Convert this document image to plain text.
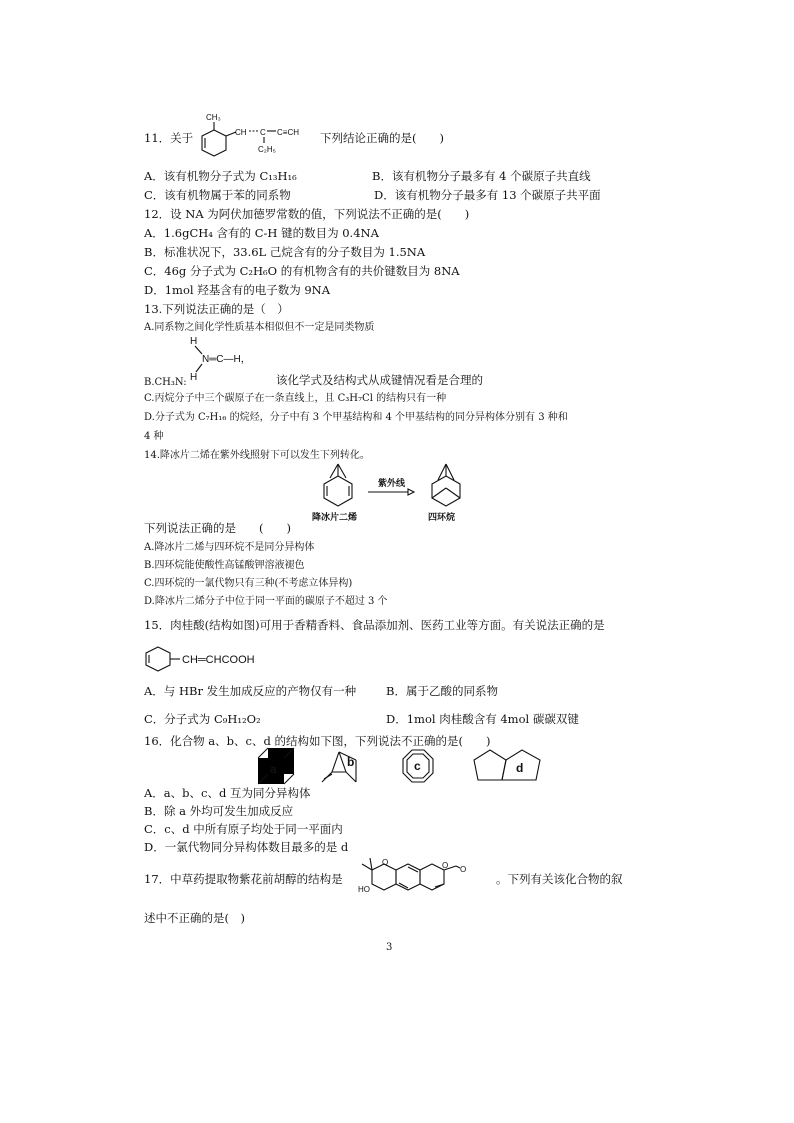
11．关于
CH₃
CH C C≡CH
C₂H₅
下列结论正确的是(　　)
A．该有机物分子式为 C₁₃H₁₆	B．该有机物分子最多有 4 个碳原子共直线
C．该有机物属于苯的同系物	D．该有机物分子最多有 13 个碳原子共平面
12．设 NA 为阿伏加德罗常数的值，下列说法不正确的是(　　)
A．1.6gCH₄ 含有的 C-H 键的数目为 0.4NA
B．标准状况下，33.6L 己烷含有的分子数目为 1.5NA
C．46g 分子式为 C₂H₆O 的有机物含有的共价键数目为 8NA
D．1mol 羟基含有的电子数为 9NA
13.下列说法正确的是（　）
A.同系物之间化学性质基本相似但不一定是同类物质
H
N═C—H，
H
B.CH₃N:	该化学式及结构式从成键情况看是合理的
C.丙烷分子中三个碳原子在一条直线上，且 C₃H₇Cl 的结构只有一种
D.分子式为 C₇H₁₆ 的烷烃，分子中有 3 个甲基结构和 4 个甲基结构的同分异构体分别有 3 种和
4 种
14.降冰片二烯在紫外线照射下可以发生下列转化。
紫外线
降冰片二烯	四环烷
下列说法正确的是　　(　　)
A.降冰片二烯与四环烷不是同分异构体
B.四环烷能使酸性高锰酸钾溶液褪色
C.四环烷的一氯代物只有三种(不考虑立体异构)
D.降冰片二烯分子中位于同一平面的碳原子不超过 3 个
15．肉桂酸(结构如图)可用于香精香料、食品添加剂、医药工业等方面。有关说法正确的是
CH═CHCOOH
A．与 HBr 发生加成反应的产物仅有一种	B．属于乙酸的同系物
C．分子式为 C₉H₁₂O₂	D．1mol 肉桂酸含有 4mol 碳碳双键
16．化合物 a、b、c、d 的结构如下图，下列说法不正确的是(　　)
a	b	c	d
A．a、b、c、d 互为同分异构体
B．除 a 外均可发生加成反应
C．c、d 中所有原子均处于同一平面内
D．一氯代物同分异构体数目最多的是 d
17．中草药提取物紫花前胡醇的结构是
O
HO
O O
。下列有关该化合物的叙
述中不正确的是(　)
3
